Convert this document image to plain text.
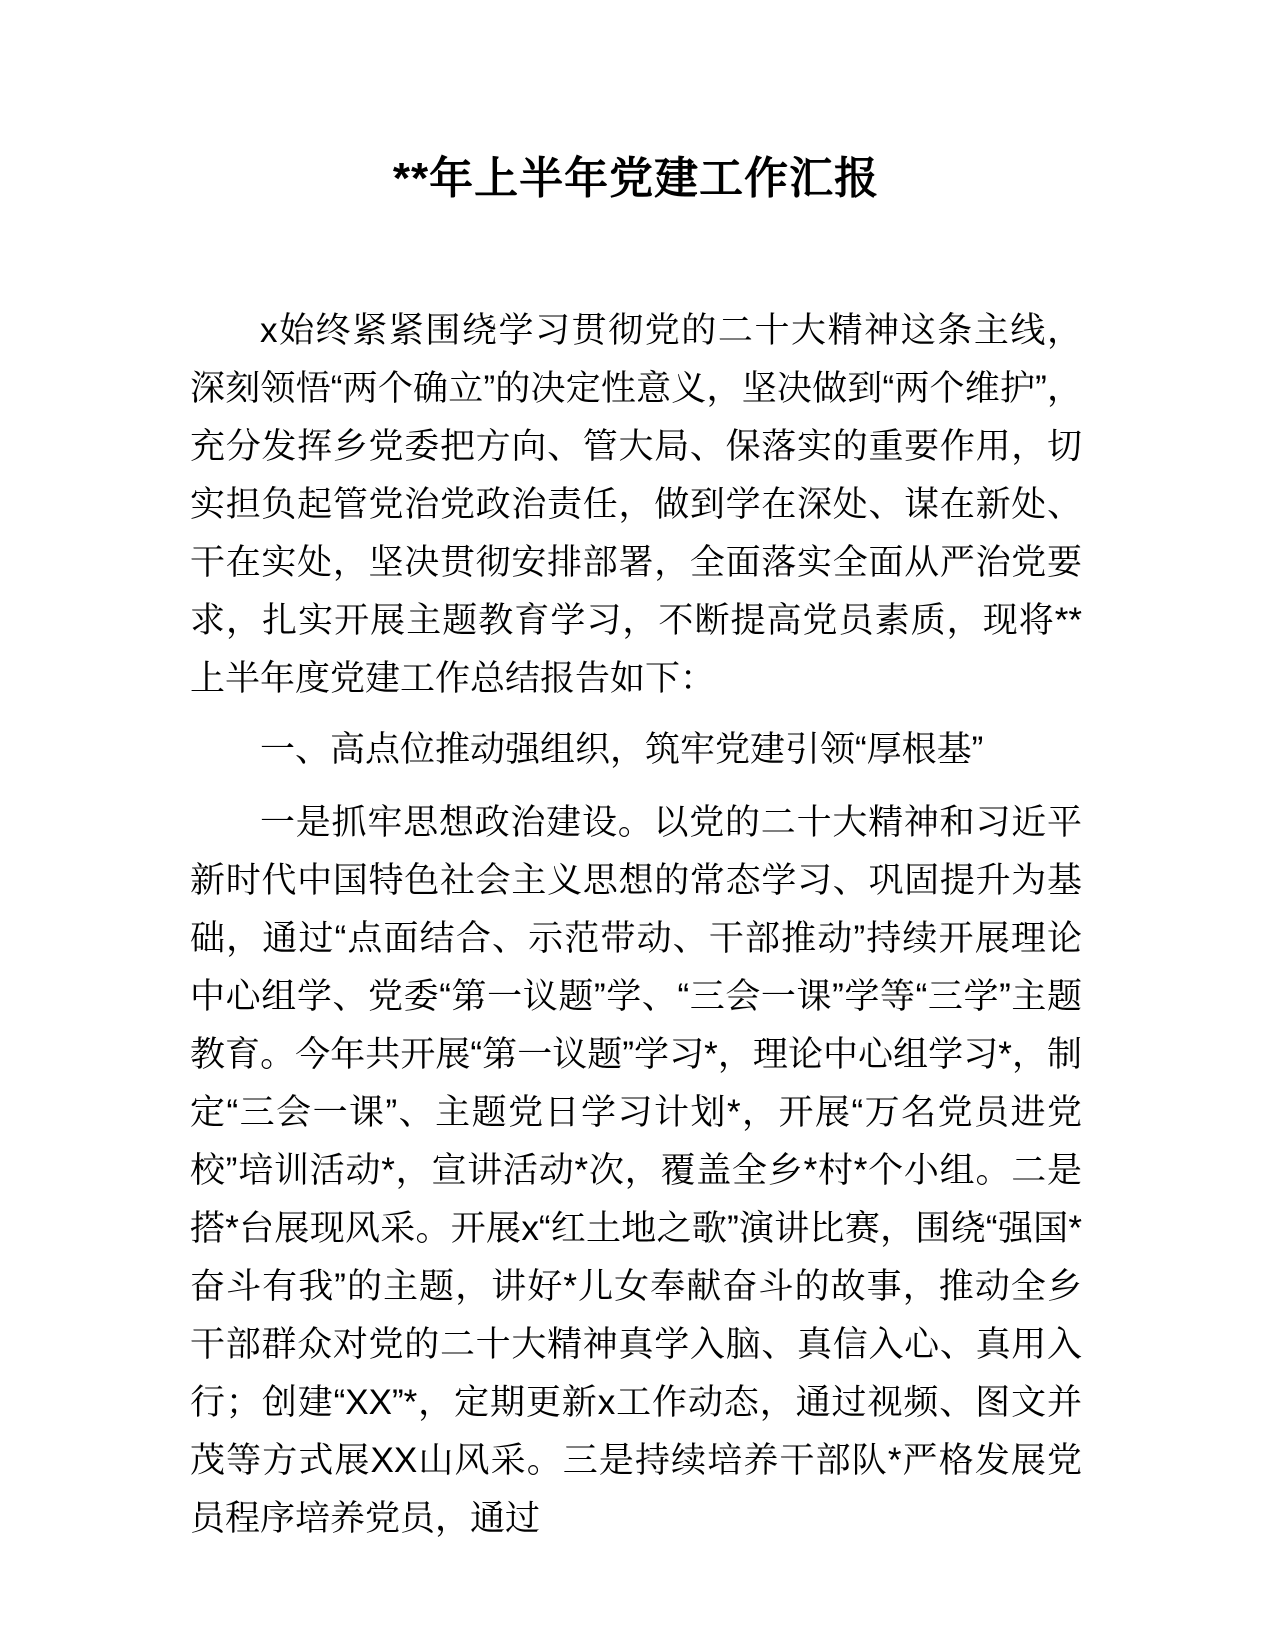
**年上半年党建工作汇报

x始终紧紧围绕学习贯彻党的二十大精神这条主线，深刻领悟“两个确立”的决定性意义，坚决做到“两个维护”，充分发挥乡党委把方向、管大局、保落实的重要作用，切实担负起管党治党政治责任，做到学在深处、谋在新处、干在实处，坚决贯彻安排部署，全面落实全面从严治党要求，扎实开展主题教育学习，不断提高党员素质，现将**上半年度党建工作总结报告如下：

一、高点位推动强组织，筑牢党建引领“厚根基”

一是抓牢思想政治建设。以党的二十大精神和习近平新时代中国特色社会主义思想的常态学习、巩固提升为基础，通过“点面结合、示范带动、干部推动”持续开展理论中心组学、党委“第一议题”学、“三会一课”学等“三学”主题教育。今年共开展“第一议题”学习*，理论中心组学习*，制定“三会一课”、主题党日学习计划*，开展“万名党员进党校”培训活动*，宣讲活动*次，覆盖全乡*村*个小组。二是搭*台展现风采。开展x“红土地之歌”演讲比赛，围绕“强国*奋斗有我”的主题，讲好*儿女奉献奋斗的故事，推动全乡干部群众对党的二十大精神真学入脑、真信入心、真用入行；创建“XX”*，定期更新x工作动态，通过视频、图文并茂等方式展XX山风采。三是持续培养干部队*严格发展党员程序培养党员，通过
